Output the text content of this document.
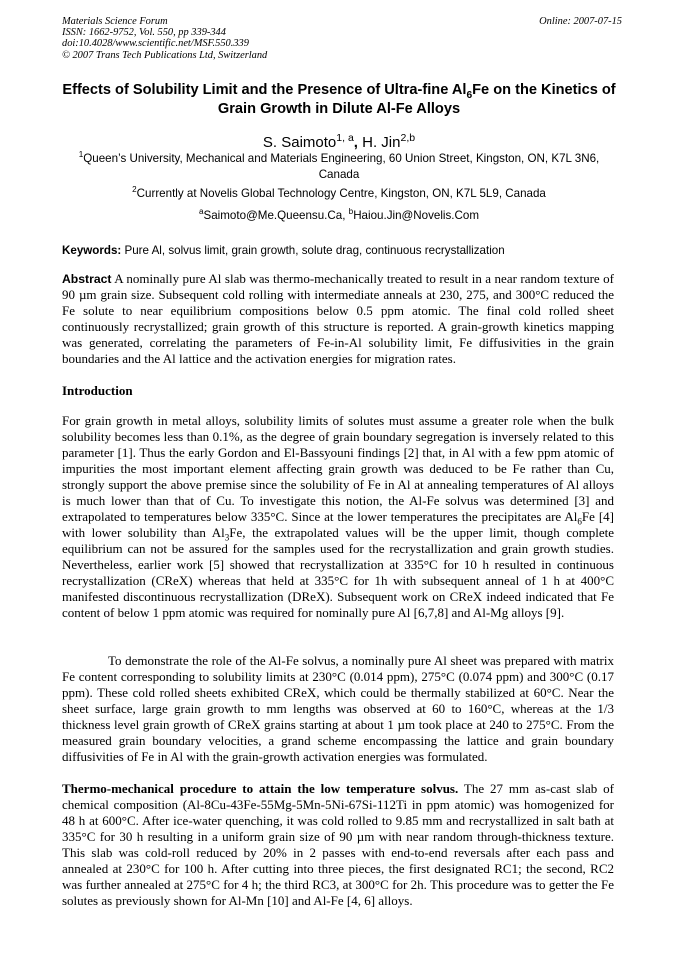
Materials Science Forum
ISSN: 1662-9752, Vol. 550, pp 339-344
doi:10.4028/www.scientific.net/MSF.550.339
© 2007 Trans Tech Publications Ltd, Switzerland
Online: 2007-07-15
Effects of Solubility Limit and the Presence of Ultra-fine $Al_6Fe$ on the Kinetics of Grain Growth in Dilute Al-Fe Alloys
S. Saimoto$^{1, a}$, H. Jin$^{2,b}$
$^1$Queen’s University, Mechanical and Materials Engineering, 60 Union Street, Kingston, ON, K7L 3N6, Canada
$^2$Currently at Novelis Global Technology Centre, Kingston, ON, K7L 5L9, Canada
$^a$Saimoto@Me.Queensu.Ca, $^b$Haiou.Jin@Novelis.Com
Keywords: Pure Al, solvus limit, grain growth, solute drag, continuous recrystallization
Abstract A nominally pure Al slab was thermo-mechanically treated to result in a near random texture of 90 µm grain size. Subsequent cold rolling with intermediate anneals at 230, 275, and 300°C reduced the Fe solute to near equilibrium compositions below 0.5 ppm atomic. The final cold rolled sheet continuously recrystallized; grain growth of this structure is reported. A grain-growth kinetics mapping was generated, correlating the parameters of Fe-in-Al solubility limit, Fe diffusivities in the grain boundaries and the Al lattice and the activation energies for migration rates.
Introduction
For grain growth in metal alloys, solubility limits of solutes must assume a greater role when the bulk solubility becomes less than 0.1%, as the degree of grain boundary segregation is inversely related to this parameter [1]. Thus the early Gordon and El-Bassyouni findings [2] that, in Al with a few ppm atomic of impurities the most important element affecting grain growth was deduced to be Fe rather than Cu, strongly support the above premise since the solubility of Fe in Al at annealing temperatures of Al alloys is much lower than that of Cu. To investigate this notion, the Al-Fe solvus was determined [3] and extrapolated to temperatures below 335°C. Since at the lower temperatures the precipitates are $Al_6Fe$ [4] with lower solubility than $Al_3Fe$, the extrapolated values will be the upper limit, though complete equilibrium can not be assured for the samples used for the recrystallization and grain growth studies. Nevertheless, earlier work [5] showed that recrystallization at 335°C for 10 h resulted in continuous recrystallization (CReX) whereas that held at 335°C for 1h with subsequent anneal of 1 h at 400°C manifested discontinuous recrystallization (DReX). Subsequent work on CReX indeed indicated that Fe content of below 1 ppm atomic was required for nominally pure Al [6,7,8] and Al-Mg alloys [9].
To demonstrate the role of the Al-Fe solvus, a nominally pure Al sheet was prepared with matrix Fe content corresponding to solubility limits at 230°C (0.014 ppm), 275°C (0.074 ppm) and 300°C (0.17 ppm). These cold rolled sheets exhibited CReX, which could be thermally stabilized at 60°C. Near the sheet surface, large grain growth to mm lengths was observed at 60 to 160°C, whereas at the 1/3 thickness level grain growth of CReX grains starting at about 1 µm took place at 240 to 275°C. From the measured grain boundary velocities, a grand scheme encompassing the lattice and grain boundary diffusivities of Fe in Al with the grain-growth activation energies was formulated.
Thermo-mechanical procedure to attain the low temperature solvus. The 27 mm as-cast slab of chemical composition (Al-8Cu-43Fe-55Mg-5Mn-5Ni-67Si-112Ti in ppm atomic) was homogenized for 48 h at 600°C. After ice-water quenching, it was cold rolled to 9.85 mm and recrystallized in salt bath at 335°C for 30 h resulting in a uniform grain size of 90 µm with near random through-thickness texture. This slab was cold-roll reduced by 20% in 2 passes with end-to-end reversals after each pass and annealed at 230°C for 100 h. After cutting into three pieces, the first designated RC1; the second, RC2 was further annealed at 275°C for 4 h; the third RC3, at 300°C for 2h. This procedure was to getter the Fe solutes as previously shown for Al-Mn [10] and Al-Fe [4, 6] alloys.
